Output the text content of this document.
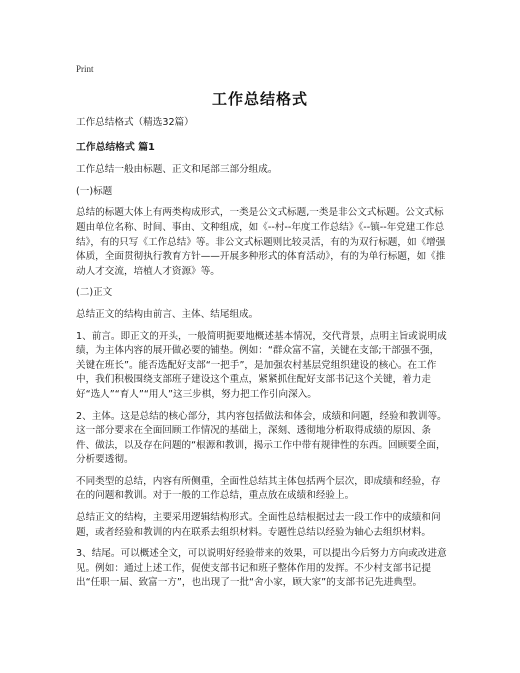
Print
工作总结格式

工作总结格式（精选32篇）

工作总结格式 篇1

工作总结一般由标题、正文和尾部三部分组成。

(一)标题

总结的标题大体上有两类构成形式，一类是公文式标题,一类是非公文式标题。公文式标题由单位名称、时间、事由、文种组成，如《--村--年度工作总结》《--镇--年党建工作总结》，有的只写《工作总结》等。非公文式标题则比较灵活，有的为双行标题，如《增强体质，全面贯彻执行教育方针——开展多种形式的体育活动》，有的为单行标题，如《推动人才交流，培植人才资源》等。

(二)正文

总结正文的结构由前言、主体、结尾组成。

1、前言。即正文的开头，一般简明扼要地概述基本情况，交代背景，点明主旨或说明成绩，为主体内容的展开做必要的铺垫。例如：“群众富不富，关键在支部;干部强不强，关键在班长”。能否选配好支部“一把手”，是加强农村基层党组织建设的核心。在工作中，我们积极围绕支部班子建设这个重点，紧紧抓住配好支部书记这个关键，着力走好“选人”“育人”“用人”这三步棋，努力把工作引向深入。

2、主体。这是总结的核心部分，其内容包括做法和体会，成绩和问题，经验和教训等。这一部分要求在全面回顾工作情况的基础上，深刻、透彻地分析取得成绩的原因、条件、做法，以及存在问题的“根源和教训，揭示工作中带有规律性的东西。回顾要全面，分析要透彻。

不同类型的总结，内容有所侧重，全面性总结其主体包括两个层次，即成绩和经验，存在的问题和教训。对于一般的工作总结，重点放在成绩和经验上。

总结正文的结构，主要采用逻辑结构形式。全面性总结根据过去一段工作中的成绩和问题，或者经验和教训的内在联系去组织材料。专题性总结以经验为轴心去组织材料。

3、结尾。可以概述全文，可以说明好经验带来的效果，可以提出今后努力方向或改进意见。例如：通过上述工作，促使支部书记和班子整体作用的发挥。不少村支部书记提出“任职一届、致富一方”，也出现了一批“舍小家，顾大家”的支部书记先进典型。
